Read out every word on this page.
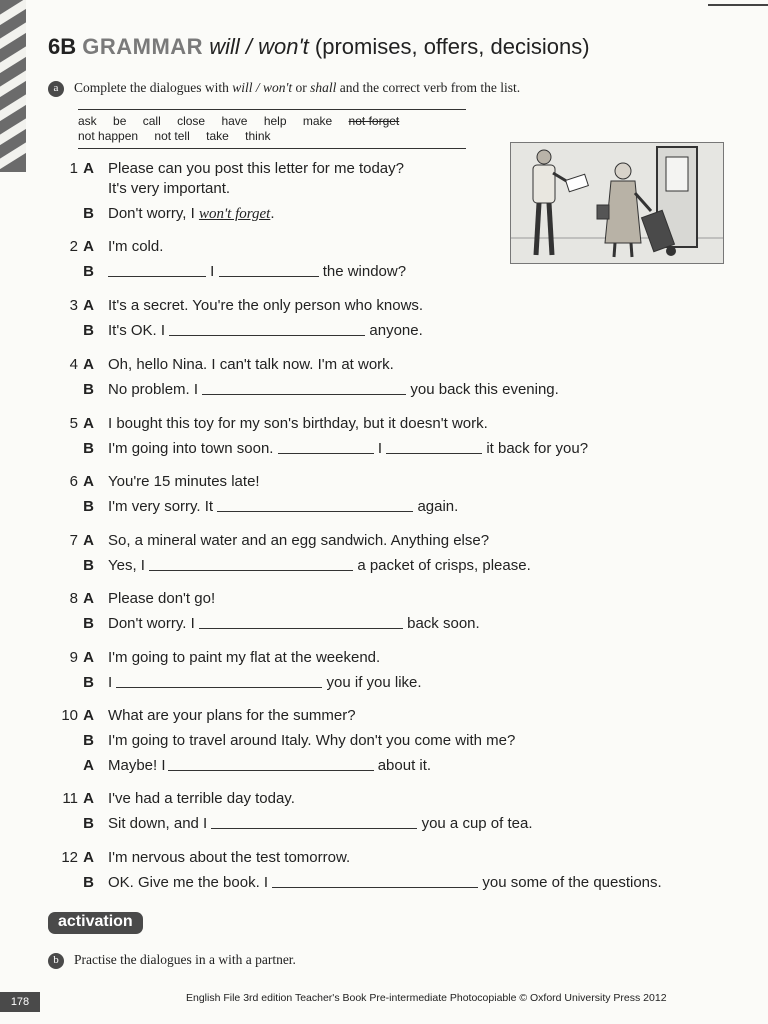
6B GRAMMAR will / won't (promises, offers, decisions)
a Complete the dialogues with will / won't or shall and the correct verb from the list.
ask be call close have help make not forget
not happen not tell take think
1 A Please can you post this letter for me today?
It's very important.
B Don't worry, I won't forget.
2 A I'm cold.
B	I	the window?
3 A It's a secret. You're the only person who knows.
B It's OK. I	anyone.
4 A Oh, hello Nina. I can't talk now. I'm at work.
B No problem. I	you back this evening.
5 A I bought this toy for my son's birthday, but it doesn't work.
B I'm going into town soon.	I	it back for you?
6 A You're 15 minutes late!
B I'm very sorry. It	again.
7 A So, a mineral water and an egg sandwich. Anything else?
B Yes, I	a packet of crisps, please.
8 A Please don't go!
B Don't worry. I	back soon.
9 A I'm going to paint my flat at the weekend.
B I	you if you like.
10 A What are your plans for the summer?
B I'm going to travel around Italy. Why don't you come with me?
A Maybe! I	about it.
11 A I've had a terrible day today.
B Sit down, and I	you a cup of tea.
12 A I'm nervous about the test tomorrow.
B OK. Give me the book. I	you some of the questions.
activation
b Practise the dialogues in a with a partner.
178	English File 3rd edition Teacher's Book Pre-intermediate Photocopiable © Oxford University Press 2012
